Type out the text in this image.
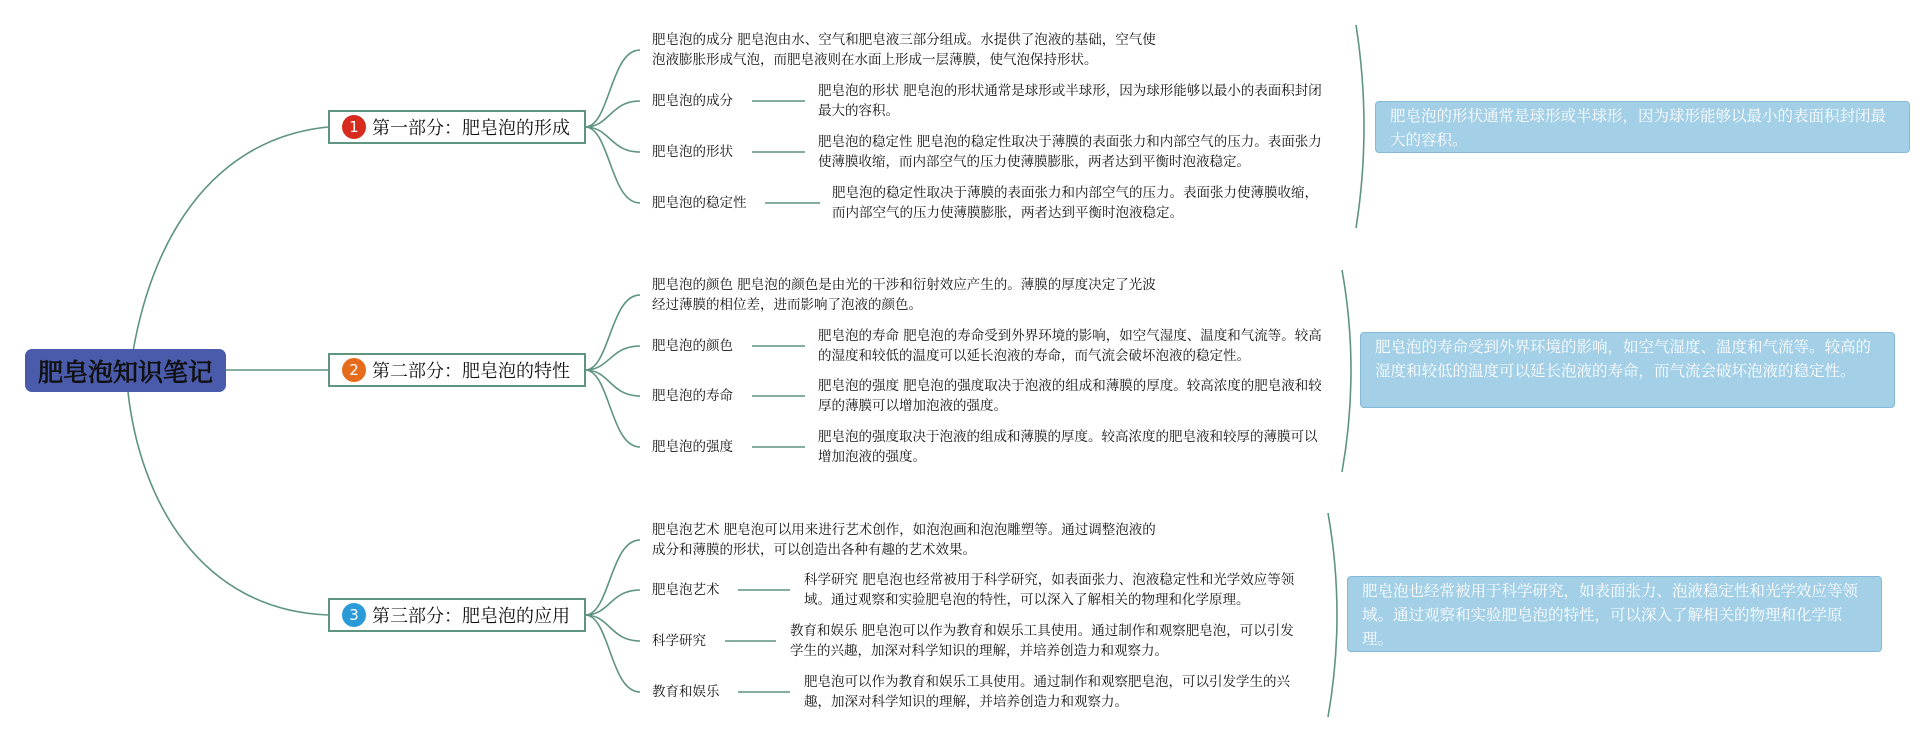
肥皂泡知识笔记
1 第一部分：肥皂泡的形成
肥皂泡的成分 肥皂泡由水、空气和肥皂液三部分组成。水提供了泡液的基础，空气使泡液膨胀形成气泡，而肥皂液则在水面上形成一层薄膜，使气泡保持形状。
肥皂泡的成分
肥皂泡的形状 肥皂泡的形状通常是球形或半球形，因为球形能够以最小的表面积封闭最大的容积。
肥皂泡的形状
肥皂泡的稳定性 肥皂泡的稳定性取决于薄膜的表面张力和内部空气的压力。表面张力使薄膜收缩，而内部空气的压力使薄膜膨胀，两者达到平衡时泡液稳定。
肥皂泡的稳定性
肥皂泡的稳定性取决于薄膜的表面张力和内部空气的压力。表面张力使薄膜收缩，而内部空气的压力使薄膜膨胀，两者达到平衡时泡液稳定。
肥皂泡的形状通常是球形或半球形，因为球形能够以最小的表面积封闭最大的容积。
2 第二部分：肥皂泡的特性
肥皂泡的颜色 肥皂泡的颜色是由光的干涉和衍射效应产生的。薄膜的厚度决定了光波经过薄膜的相位差，进而影响了泡液的颜色。
肥皂泡的颜色
肥皂泡的寿命 肥皂泡的寿命受到外界环境的影响，如空气湿度、温度和气流等。较高的湿度和较低的温度可以延长泡液的寿命，而气流会破坏泡液的稳定性。
肥皂泡的寿命
肥皂泡的强度 肥皂泡的强度取决于泡液的组成和薄膜的厚度。较高浓度的肥皂液和较厚的薄膜可以增加泡液的强度。
肥皂泡的强度
肥皂泡的强度取决于泡液的组成和薄膜的厚度。较高浓度的肥皂液和较厚的薄膜可以增加泡液的强度。
肥皂泡的寿命受到外界环境的影响，如空气湿度、温度和气流等。较高的湿度和较低的温度可以延长泡液的寿命，而气流会破坏泡液的稳定性。
3 第三部分：肥皂泡的应用
肥皂泡艺术 肥皂泡可以用来进行艺术创作，如泡泡画和泡泡雕塑等。通过调整泡液的成分和薄膜的形状，可以创造出各种有趣的艺术效果。
肥皂泡艺术
科学研究 肥皂泡也经常被用于科学研究，如表面张力、泡液稳定性和光学效应等领域。通过观察和实验肥皂泡的特性，可以深入了解相关的物理和化学原理。
科学研究
教育和娱乐 肥皂泡可以作为教育和娱乐工具使用。通过制作和观察肥皂泡，可以引发学生的兴趣，加深对科学知识的理解，并培养创造力和观察力。
教育和娱乐
肥皂泡可以作为教育和娱乐工具使用。通过制作和观察肥皂泡，可以引发学生的兴趣，加深对科学知识的理解，并培养创造力和观察力。
肥皂泡也经常被用于科学研究，如表面张力、泡液稳定性和光学效应等领域。通过观察和实验肥皂泡的特性，可以深入了解相关的物理和化学原理。
